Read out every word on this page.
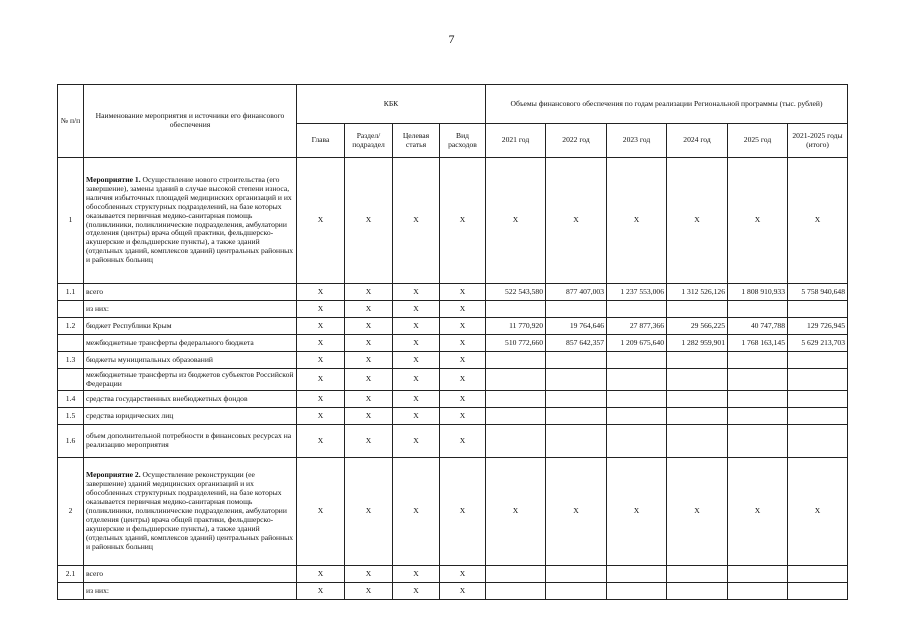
7
№ п/п	Наименование мероприятия и источники его финансового обеспечения	КБК				Объемы финансового обеспечения по годам реализации Региональной программы (тыс. рублей)					
		Глава	Раздел/ подраздел	Целевая статья	Вид расходов	2021 год	2022 год	2023 год	2024 год	2025 год	2021-2025 годы (итого)
1	Мероприятие 1. Осуществление нового строительства (его завершение), замены зданий в случае высокой степени износа, наличия избыточных площадей медицинских организаций и их обособленных структурных подразделений, на базе которых оказывается первичная медико-санитарная помощь (поликлиники, поликлинические подразделения, амбулатории отделения (центры) врача общей практики, фельдшерско-акушерские и фельдшерские пункты), а также зданий (отдельных зданий, комплексов зданий) центральных районных и районных больниц	X	X	X	X	X	X	X	X	X	X
1.1	всего	X	X	X	X	522 543,580	877 407,003	1 237 553,006	1 312 526,126	1 808 910,933	5 758 940,648
	из них:	X	X	X	X						
1.2	бюджет Республики Крым	X	X	X	X	11 770,920	19 764,646	27 877,366	29 566,225	40 747,788	129 726,945
	межбюджетные трансферты федерального бюджета	X	X	X	X	510 772,660	857 642,357	1 209 675,640	1 282 959,901	1 768 163,145	5 629 213,703
1.3	бюджеты муниципальных образований	X	X	X	X						
	межбюджетные трансферты из бюджетов субъектов Российской Федерации	X	X	X	X						
1.4	средства государственных внебюджетных фондов	X	X	X	X						
1.5	средства юридических лиц	X	X	X	X						
1.6	объем дополнительной потребности в финансовых ресурсах на реализацию мероприятия	X	X	X	X						
2	Мероприятие 2. Осуществление реконструкции (ее завершение) зданий медицинских организаций и их обособленных структурных подразделений, на базе которых оказывается первичная медико-санитарная помощь (поликлиники, поликлинические подразделения, амбулатории отделения (центры) врача общей практики, фельдшерско-акушерские и фельдшерские пункты), а также зданий (отдельных зданий, комплексов зданий) центральных районных и районных больниц	X	X	X	X	X	X	X	X	X	X
2.1	всего	X	X	X	X						
	из них:	X	X	X	X						
